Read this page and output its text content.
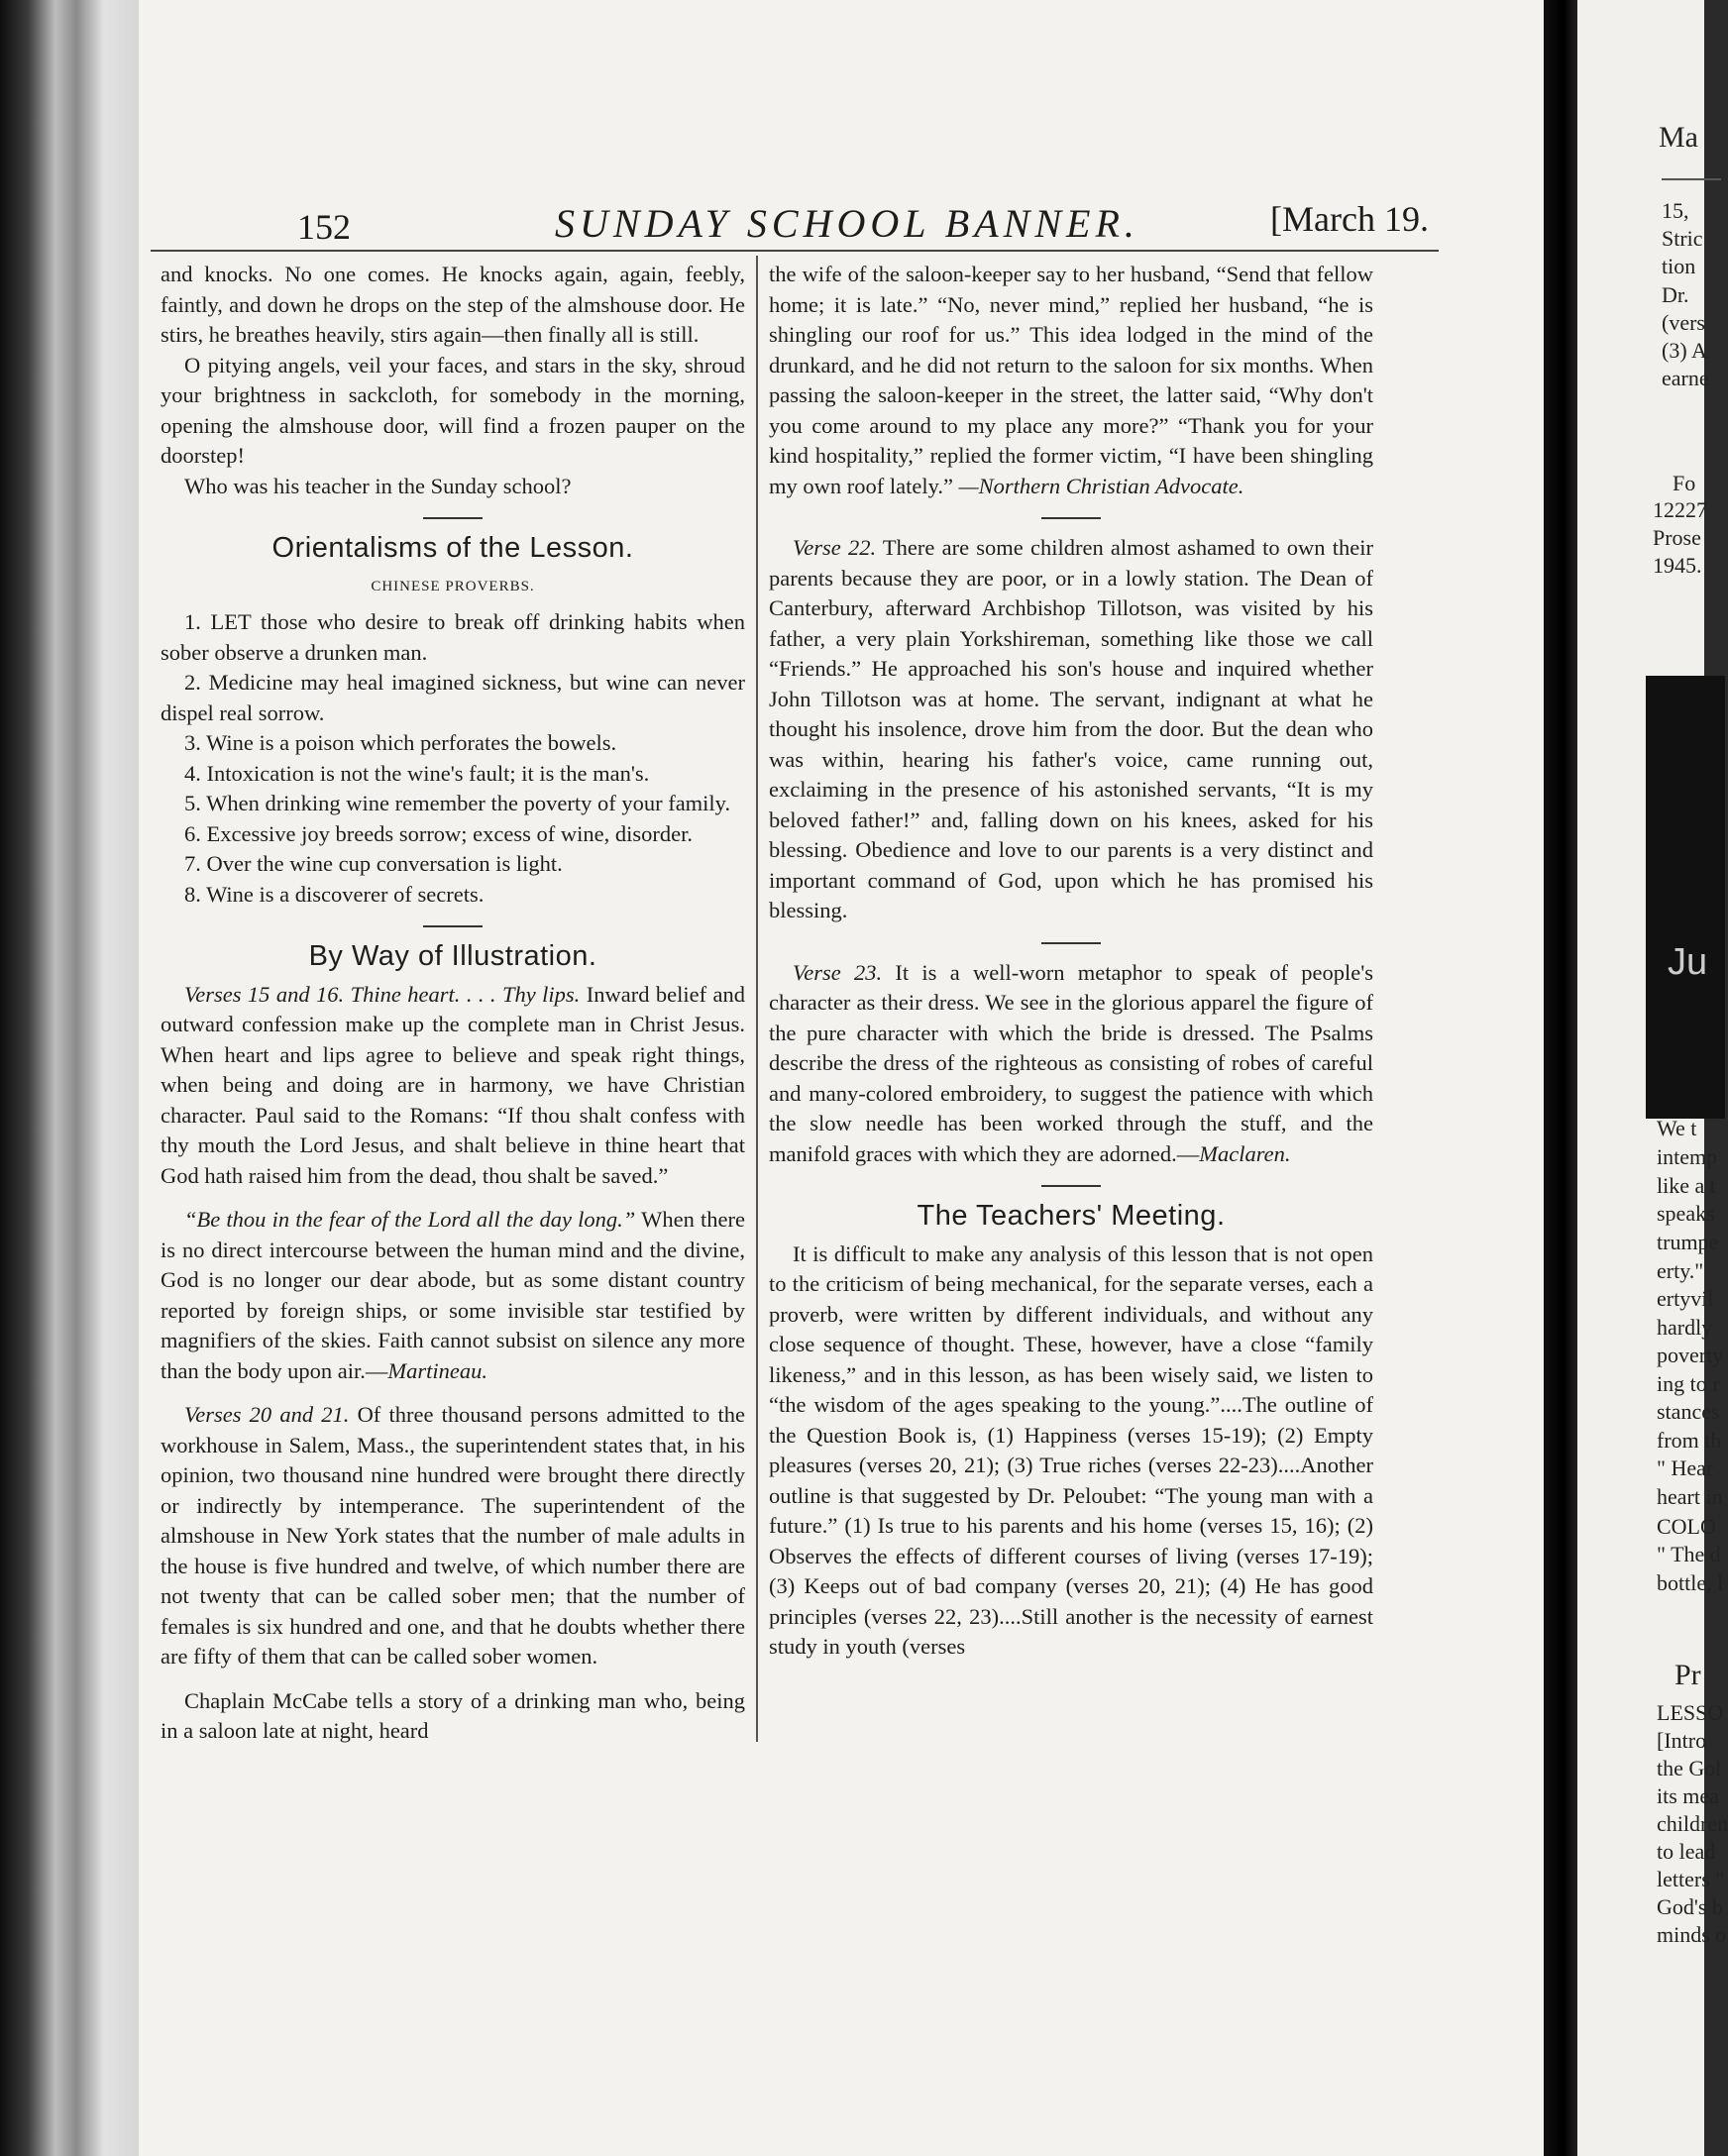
152	SUNDAY SCHOOL BANNER.	[March 19.

and knocks. No one comes. He knocks again, again, feebly, faintly, and down he drops on the step of the almshouse door. He stirs, he breathes heavily, stirs again—then finally all is still.

O pitying angels, veil your faces, and stars in the sky, shroud your brightness in sackcloth, for somebody in the morning, opening the almshouse door, will find a frozen pauper on the doorstep!

Who was his teacher in the Sunday school?

Orientalisms of the Lesson.
CHINESE PROVERBS.
1. LET those who desire to break off drinking habits when sober observe a drunken man.
2. Medicine may heal imagined sickness, but wine can never dispel real sorrow.
3. Wine is a poison which perforates the bowels.
4. Intoxication is not the wine's fault; it is the man's.
5. When drinking wine remember the poverty of your family.
6. Excessive joy breeds sorrow; excess of wine, disorder.
7. Over the wine cup conversation is light.
8. Wine is a discoverer of secrets.
By Way of Illustration.

Verses 15 and 16. Thine heart. . . . Thy lips. Inward belief and outward confession make up the complete man in Christ Jesus. When heart and lips agree to believe and speak right things, when being and doing are in harmony, we have Christian character. Paul said to the Romans: “If thou shalt confess with thy mouth the Lord Jesus, and shalt believe in thine heart that God hath raised him from the dead, thou shalt be saved.”

“Be thou in the fear of the Lord all the day long.” When there is no direct intercourse between the human mind and the divine, God is no longer our dear abode, but as some distant country reported by foreign ships, or some invisible star testified by magnifiers of the skies. Faith cannot subsist on silence any more than the body upon air.—Martineau.

Verses 20 and 21. Of three thousand persons admitted to the workhouse in Salem, Mass., the superintendent states that, in his opinion, two thousand nine hundred were brought there directly or indirectly by intemperance. The superintendent of the almshouse in New York states that the number of male adults in the house is five hundred and twelve, of which number there are not twenty that can be called sober men; that the number of females is six hundred and one, and that he doubts whether there are fifty of them that can be called sober women.

Chaplain McCabe tells a story of a drinking man who, being in a saloon late at night, heard

the wife of the saloon-keeper say to her husband, “Send that fellow home; it is late.” “No, never mind,” replied her husband, “he is shingling our roof for us.” This idea lodged in the mind of the drunkard, and he did not return to the saloon for six months. When passing the saloon-keeper in the street, the latter said, “Why don't you come around to my place any more?” “Thank you for your kind hospitality,” replied the former victim, “I have been shingling my own roof lately.” —Northern Christian Advocate.

Verse 22. There are some children almost ashamed to own their parents because they are poor, or in a lowly station. The Dean of Canterbury, afterward Archbishop Tillotson, was visited by his father, a very plain Yorkshireman, something like those we call “Friends.” He approached his son's house and inquired whether John Tillotson was at home. The servant, indignant at what he thought his insolence, drove him from the door. But the dean who was within, hearing his father's voice, came running out, exclaiming in the presence of his astonished servants, “It is my beloved father!” and, falling down on his knees, asked for his blessing. Obedience and love to our parents is a very distinct and important command of God, upon which he has promised his blessing.

Verse 23. It is a well-worn metaphor to speak of people's character as their dress. We see in the glorious apparel the figure of the pure character with which the bride is dressed. The Psalms describe the dress of the righteous as consisting of robes of careful and many-colored embroidery, to suggest the patience with which the slow needle has been worked through the stuff, and the manifold graces with which they are adorned.—Maclaren.

The Teachers' Meeting.

It is difficult to make any analysis of this lesson that is not open to the criticism of being mechanical, for the separate verses, each a proverb, were written by different individuals, and without any close sequence of thought. These, however, have a close “family likeness,” and in this lesson, as has been wisely said, we listen to “the wisdom of the ages speaking to the young.”....The outline of the Question Book is, (1) Happiness (verses 15-19); (2) Empty pleasures (verses 20, 21); (3) True riches (verses 22-23)....Another outline is that suggested by Dr. Peloubet: “The young man with a future.” (1) Is true to his parents and his home (verses 15, 16); (2) Observes the effects of different courses of living (verses 17-19); (3) Keeps out of bad company (verses 20, 21); (4) He has good principles (verses 22, 23)....Still another is the necessity of earnest study in youth (verses

Ma
15,
Stric
tion
Dr.
(vers
(3) A
earne
Fo
12227
Prose
1945.
Ju
We t
intemp
like a t
speaks
trumpe
erty."
ertyvil
hardly
poverty
ing to r
stances
from th
" Hear
heart in
COLO
" The d
bottle, l
Pr
LESSO
[Intro
the Gol
its mea
children
to lead
letters "
God's b
minds o
